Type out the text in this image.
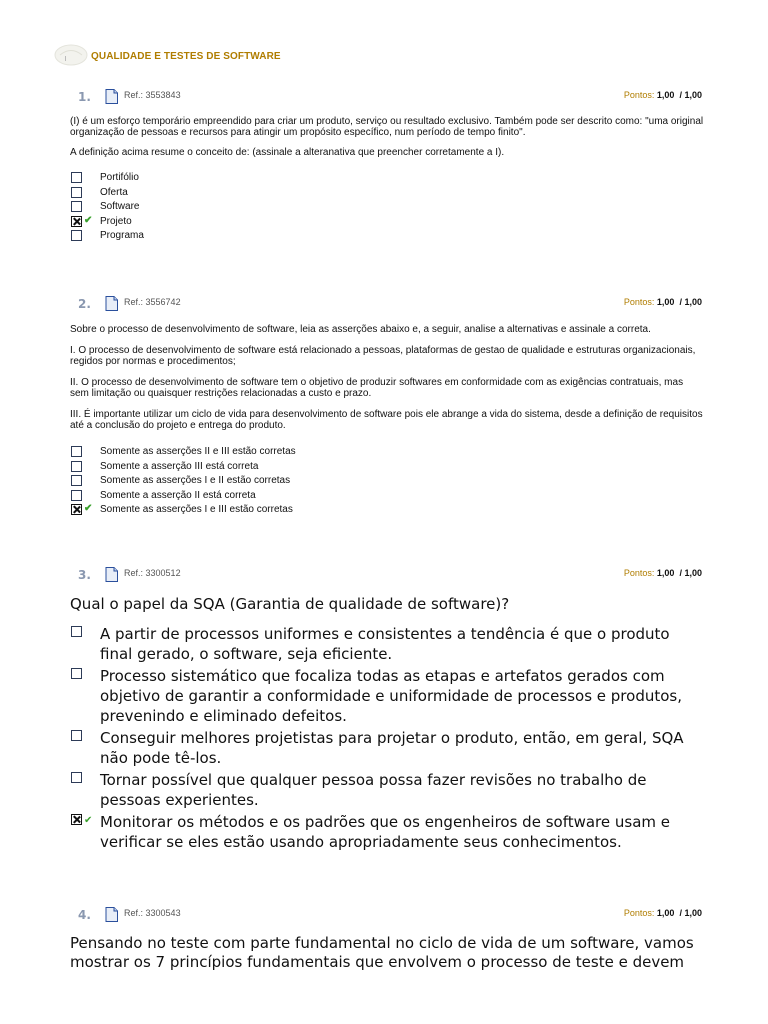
QUALIDADE E TESTES DE SOFTWARE
1.	Ref.: 3553843	Pontos: 1,00 / 1,00

(I) é um esforço temporário empreendido para criar um produto, serviço ou resultado exclusivo. Também pode ser descrito como: "uma original organização de pessoas e recursos para atingir um propósito específico, num período de tempo finito".

A definição acima resume o conceito de: (assinale a alteranativa que preencher corretamente a I).

Portifólio
Oferta
Software
✔ Projeto
Programa
2.	Ref.: 3556742	Pontos: 1,00 / 1,00

Sobre o processo de desenvolvimento de software, leia as asserções abaixo e, a seguir, analise a alternativas e assinale a correta.

I. O processo de desenvolvimento de software está relacionado a pessoas, plataformas de gestao de qualidade e estruturas organizacionais, regidos por normas e procedimentos;

II. O processo de desenvolvimento de software tem o objetivo de produzir softwares em conformidade com as exigências contratuais, mas sem limitação ou quaisquer restrições relacionadas a custo e prazo.

III. É importante utilizar um ciclo de vida para desenvolvimento de software pois ele abrange a vida do sistema, desde a definição de requisitos até a conclusão do projeto e entrega do produto.

Somente as asserções II e III estão corretas
Somente a asserção III está correta
Somente as asserções I e II estão corretas
Somente a asserção II está correta
✔ Somente as asserções I e III estão corretas
3.	Ref.: 3300512	Pontos: 1,00 / 1,00

Qual o papel da SQA (Garantia de qualidade de software)?

A partir de processos uniformes e consistentes a tendência é que o produto final gerado, o software, seja eficiente.
Processo sistemático que focaliza todas as etapas e artefatos gerados com objetivo de garantir a conformidade e uniformidade de processos e produtos, prevenindo e eliminado defeitos.
Conseguir melhores projetistas para projetar o produto, então, em geral, SQA não pode tê-los.
Tornar possível que qualquer pessoa possa fazer revisões no trabalho de pessoas experientes.
✔ Monitorar os métodos e os padrões que os engenheiros de software usam e verificar se eles estão usando apropriadamente seus conhecimentos.
4.	Ref.: 3300543	Pontos: 1,00 / 1,00

Pensando no teste com parte fundamental no ciclo de vida de um software, vamos mostrar os 7 princípios fundamentais que envolvem o processo de teste e devem
